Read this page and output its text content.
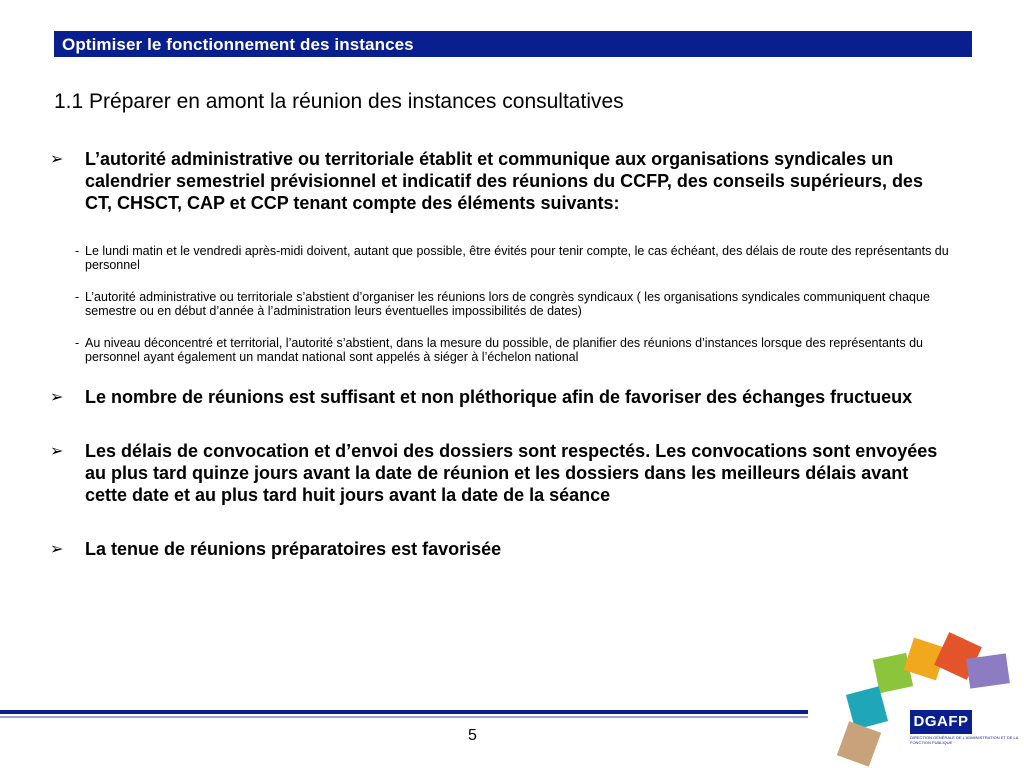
Optimiser le fonctionnement des instances
1.1 Préparer en amont la réunion des instances consultatives
➢ L’autorité administrative ou territoriale établit et communique aux organisations syndicales un calendrier semestriel prévisionnel et indicatif des réunions du CCFP, des conseils supérieurs, des CT, CHSCT, CAP et CCP tenant compte des éléments suivants:
- Le lundi matin et le vendredi après-midi doivent, autant que possible, être évités pour tenir compte, le cas échéant, des délais de route des représentants du personnel
- L’autorité administrative ou territoriale s’abstient d’organiser les réunions lors de congrès syndicaux ( les organisations syndicales communiquent chaque semestre ou en début d’année à l’administration leurs éventuelles impossibilités de dates)
- Au niveau déconcentré et territorial, l’autorité s’abstient, dans la mesure du possible, de planifier des réunions d’instances lorsque des représentants du personnel ayant également un mandat national sont appelés à siéger à l’échelon national
➢ Le nombre de réunions est suffisant et non pléthorique afin de favoriser des échanges fructueux
➢ Les délais de convocation et d’envoi des dossiers sont respectés. Les convocations sont envoyées au plus tard quinze jours avant la date de réunion et les dossiers dans les meilleurs délais avant cette date et au plus tard huit jours avant la date de la séance
➢ La tenue de réunions préparatoires est favorisée
5
DGAFP
DIRECTION GÉNÉRALE DE L'ADMINISTRATION ET DE LA FONCTION PUBLIQUE
